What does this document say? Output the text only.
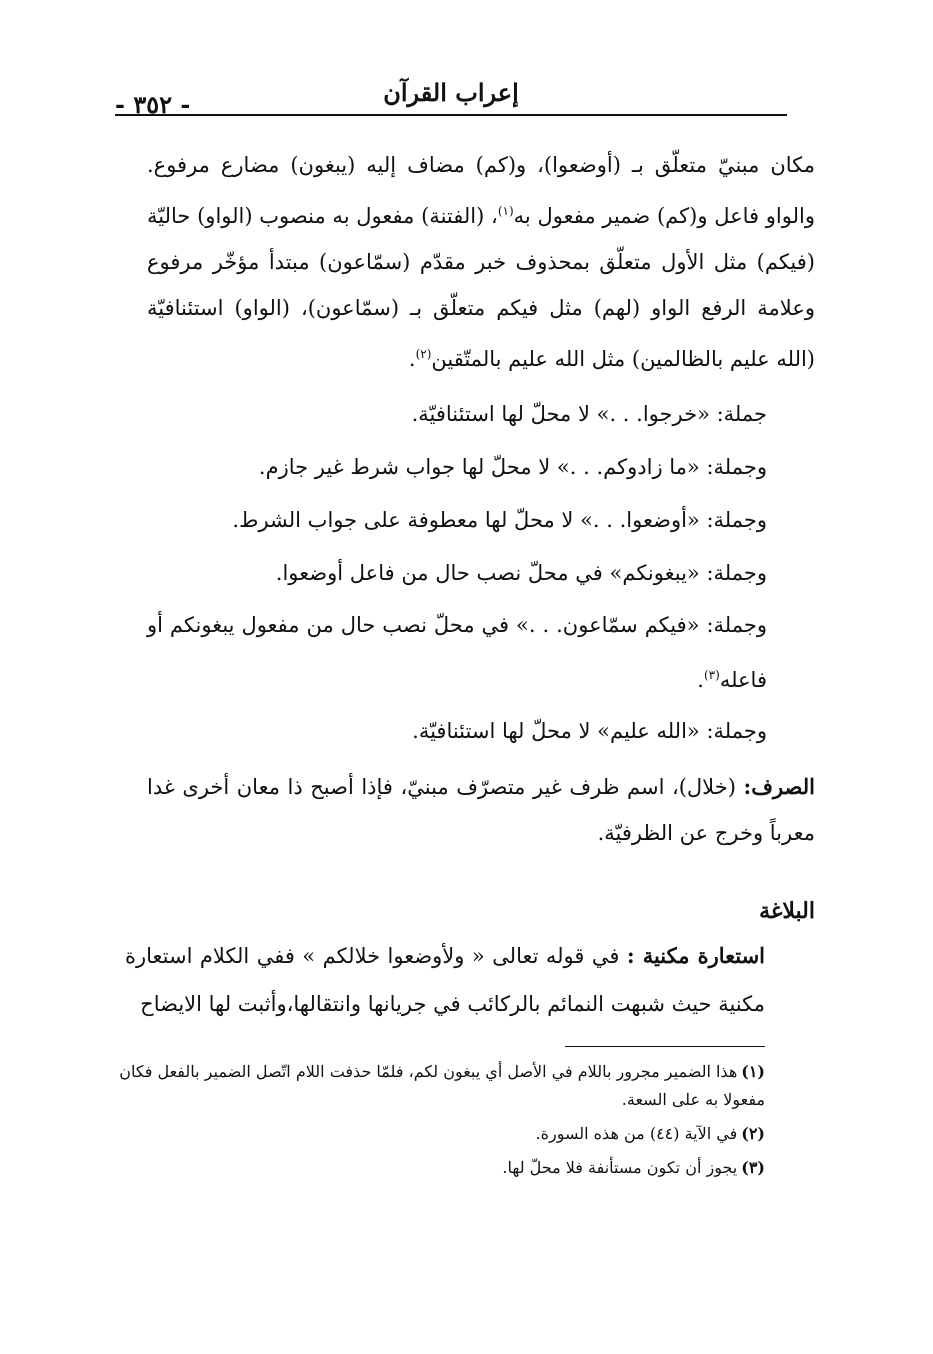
إعراب القرآن
- ٣٥٢ -

مكان مبنيّ متعلّق بـ (أوضعوا)، و(كم) مضاف إليه (يبغون) مضارع مرفوع. والواو فاعل و(كم) ضمير مفعول به$^{(١)}$، (الفتنة) مفعول به منصوب (الواو) حاليّة (فيكم) مثل الأول متعلّق بمحذوف خبر مقدّم (سمّاعون) مبتدأ مؤخّر مرفوع وعلامة الرفع الواو (لهم) مثل فيكم متعلّق بـ (سمّاعون)، (الواو) استئنافيّة (الله عليم بالظالمين) مثل الله عليم بالمتّقين$^{(٢)}$.

جملة: «خرجوا. . .» لا محلّ لها استئنافيّة.

وجملة: «ما زادوكم. . .» لا محلّ لها جواب شرط غير جازم.

وجملة: «أوضعوا. . .» لا محلّ لها معطوفة على جواب الشرط.

وجملة: «يبغونكم» في محلّ نصب حال من فاعل أوضعوا.

وجملة: «فيكم سمّاعون. . .» في محلّ نصب حال من مفعول يبغونكم أو فاعله$^{(٣)}$.

وجملة: «الله عليم» لا محلّ لها استئنافيّة.

الصرف: (خلال)، اسم ظرف غير متصرّف مبنيّ، فإذا أصبح ذا معان أخرى غدا معرباً وخرج عن الظرفيّة.

البلاغة

استعارة مكنية : في قوله تعالى « ولأوضعوا خلالكم » ففي الكلام استعارة مكنية حيث شبهت النمائم بالركائب في جريانها وانتقالها،وأثبت لها الايضاح

(١)هذا الضمير مجرور باللام في الأصل أي يبغون لكم، فلمّا حذفت اللام اتّصل الضمير بالفعل فكان مفعولا به على السعة.

(٢)في الآية (٤٤) من هذه السورة.

(٣)يجوز أن تكون مستأنفة فلا محلّ لها.
